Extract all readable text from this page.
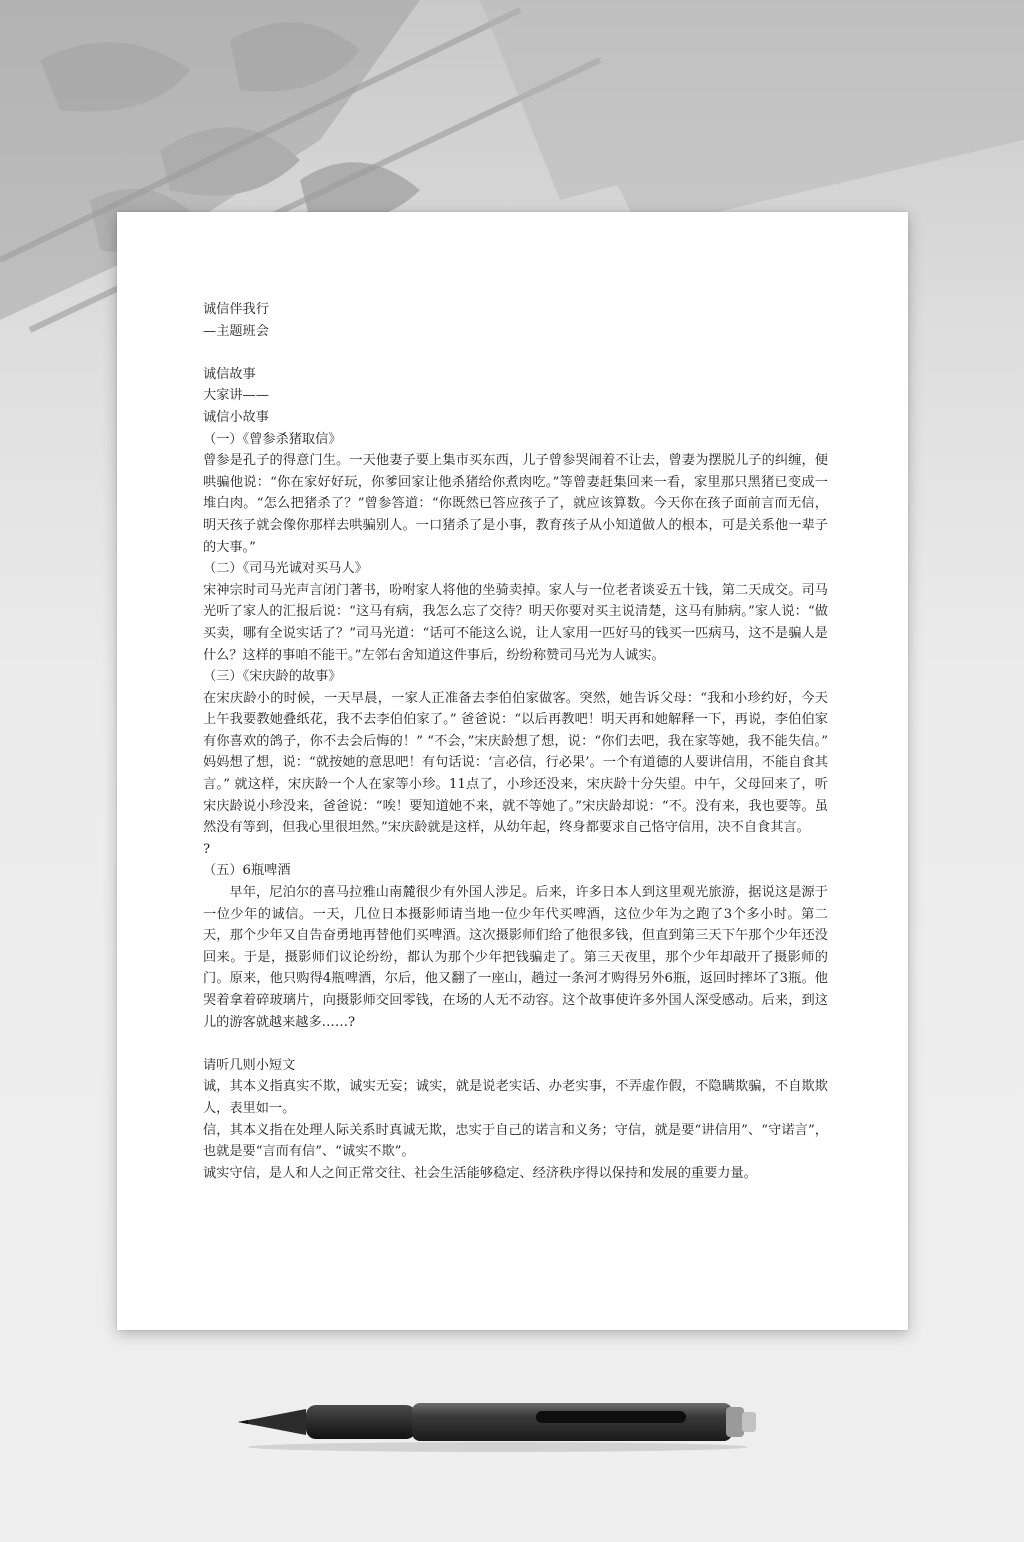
诚信伴我行

—主题班会

诚信故事

大家讲——

诚信小故事

（一）《曾参杀猪取信》

曾参是孔子的得意门生。一天他妻子要上集市买东西，儿子曾参哭闹着不让去，曾妻为摆脱儿子的纠缠，便哄骗他说：“你在家好好玩，你爹回家让他杀猪给你煮肉吃。”等曾妻赶集回来一看，家里那只黑猪已变成一堆白肉。“怎么把猪杀了？”曾参答道：“你既然已答应孩子了，就应该算数。今天你在孩子面前言而无信，明天孩子就会像你那样去哄骗别人。一口猪杀了是小事，教育孩子从小知道做人的根本，可是关系他一辈子的大事。”

（二）《司马光诚对买马人》

宋神宗时司马光声言闭门著书，吩咐家人将他的坐骑卖掉。家人与一位老者谈妥五十钱，第二天成交。司马光听了家人的汇报后说：“这马有病，我怎么忘了交待？明天你要对买主说清楚，这马有肺病。”家人说：“做买卖，哪有全说实话了？”司马光道：“话可不能这么说，让人家用一匹好马的钱买一匹病马，这不是骗人是什么？这样的事咱不能干。”左邻右舍知道这件事后，纷纷称赞司马光为人诚实。

（三）《宋庆龄的故事》

在宋庆龄小的时候，一天早晨，一家人正准备去李伯伯家做客。突然，她告诉父母：“我和小珍约好，今天上午我要教她叠纸花，我不去李伯伯家了。” 爸爸说：“以后再教吧！明天再和她解释一下，再说，李伯伯家有你喜欢的鸽子，你不去会后悔的！” “不会，”宋庆龄想了想，说：“你们去吧，我在家等她，我不能失信。” 妈妈想了想，说：“就按她的意思吧！有句话说：‘言必信，行必果’。一个有道德的人要讲信用，不能自食其言。” 就这样，宋庆龄一个人在家等小珍。11点了，小珍还没来，宋庆龄十分失望。中午，父母回来了，听宋庆龄说小珍没来，爸爸说：“唉！要知道她不来，就不等她了。”宋庆龄却说：“不。没有来，我也要等。虽然没有等到，但我心里很坦然。”宋庆龄就是这样，从幼年起，终身都要求自己恪守信用，决不自食其言。

?

（五）6瓶啤酒

早年，尼泊尔的喜马拉雅山南麓很少有外国人涉足。后来，许多日本人到这里观光旅游，据说这是源于一位少年的诚信。一天，几位日本摄影师请当地一位少年代买啤酒，这位少年为之跑了3个多小时。第二天，那个少年又自告奋勇地再替他们买啤酒。这次摄影师们给了他很多钱，但直到第三天下午那个少年还没回来。于是，摄影师们议论纷纷，都认为那个少年把钱骗走了。第三天夜里，那个少年却敲开了摄影师的门。原来，他只购得4瓶啤酒，尔后，他又翻了一座山，趟过一条河才购得另外6瓶，返回时摔坏了3瓶。他哭着拿着碎玻璃片，向摄影师交回零钱，在场的人无不动容。这个故事使许多外国人深受感动。后来，到这儿的游客就越来越多……?

请听几则小短文

诚，其本义指真实不欺，诚实无妄；诚实，就是说老实话、办老实事，不弄虚作假，不隐瞒欺骗，不自欺欺人，表里如一。

信，其本义指在处理人际关系时真诚无欺，忠实于自己的诺言和义务；守信，就是要“讲信用”、“守诺言”，也就是要“言而有信”、“诚实不欺”。

诚实守信，是人和人之间正常交往、社会生活能够稳定、经济秩序得以保持和发展的重要力量。
